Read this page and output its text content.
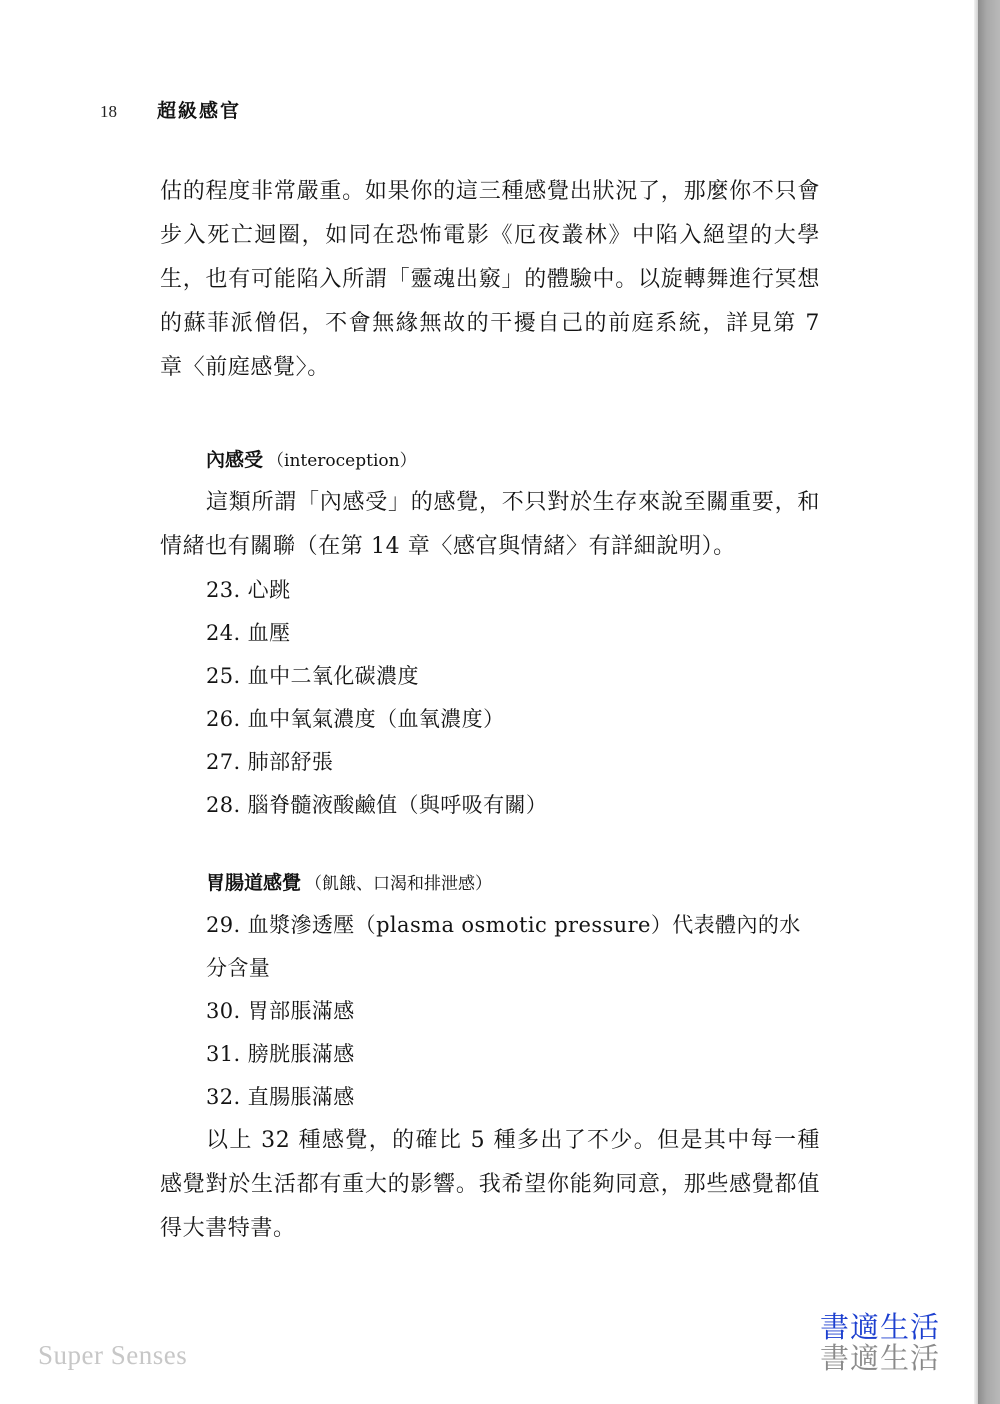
18 超級感官

估的程度非常嚴重。如果你的這三種感覺出狀況了，那麼你不只會步入死亡迴圈，如同在恐怖電影《厄夜叢林》中陷入絕望的大學生，也有可能陷入所謂「靈魂出竅」的體驗中。以旋轉舞進行冥想的蘇菲派僧侶，不會無緣無故的干擾自己的前庭系統，詳見第 7 章〈前庭感覺〉。

內感受 （interoception）

這類所謂「內感受」的感覺，不只對於生存來說至關重要，和情緒也有關聯（在第 14 章〈感官與情緒〉有詳細說明）。

23. 心跳
24. 血壓
25. 血中二氧化碳濃度
26. 血中氧氣濃度（血氧濃度）
27. 肺部舒張
28. 腦脊髓液酸鹼值（與呼吸有關）

胃腸道感覺 （飢餓、口渴和排泄感）

29. 血漿滲透壓（plasma osmotic pressure）代表體內的水分含量
30. 胃部脹滿感
31. 膀胱脹滿感
32. 直腸脹滿感

以上 32 種感覺，的確比 5 種多出了不少。但是其中每一種感覺對於生活都有重大的影響。我希望你能夠同意，那些感覺都值得大書特書。

Super Senses
書適生活
書適生活
